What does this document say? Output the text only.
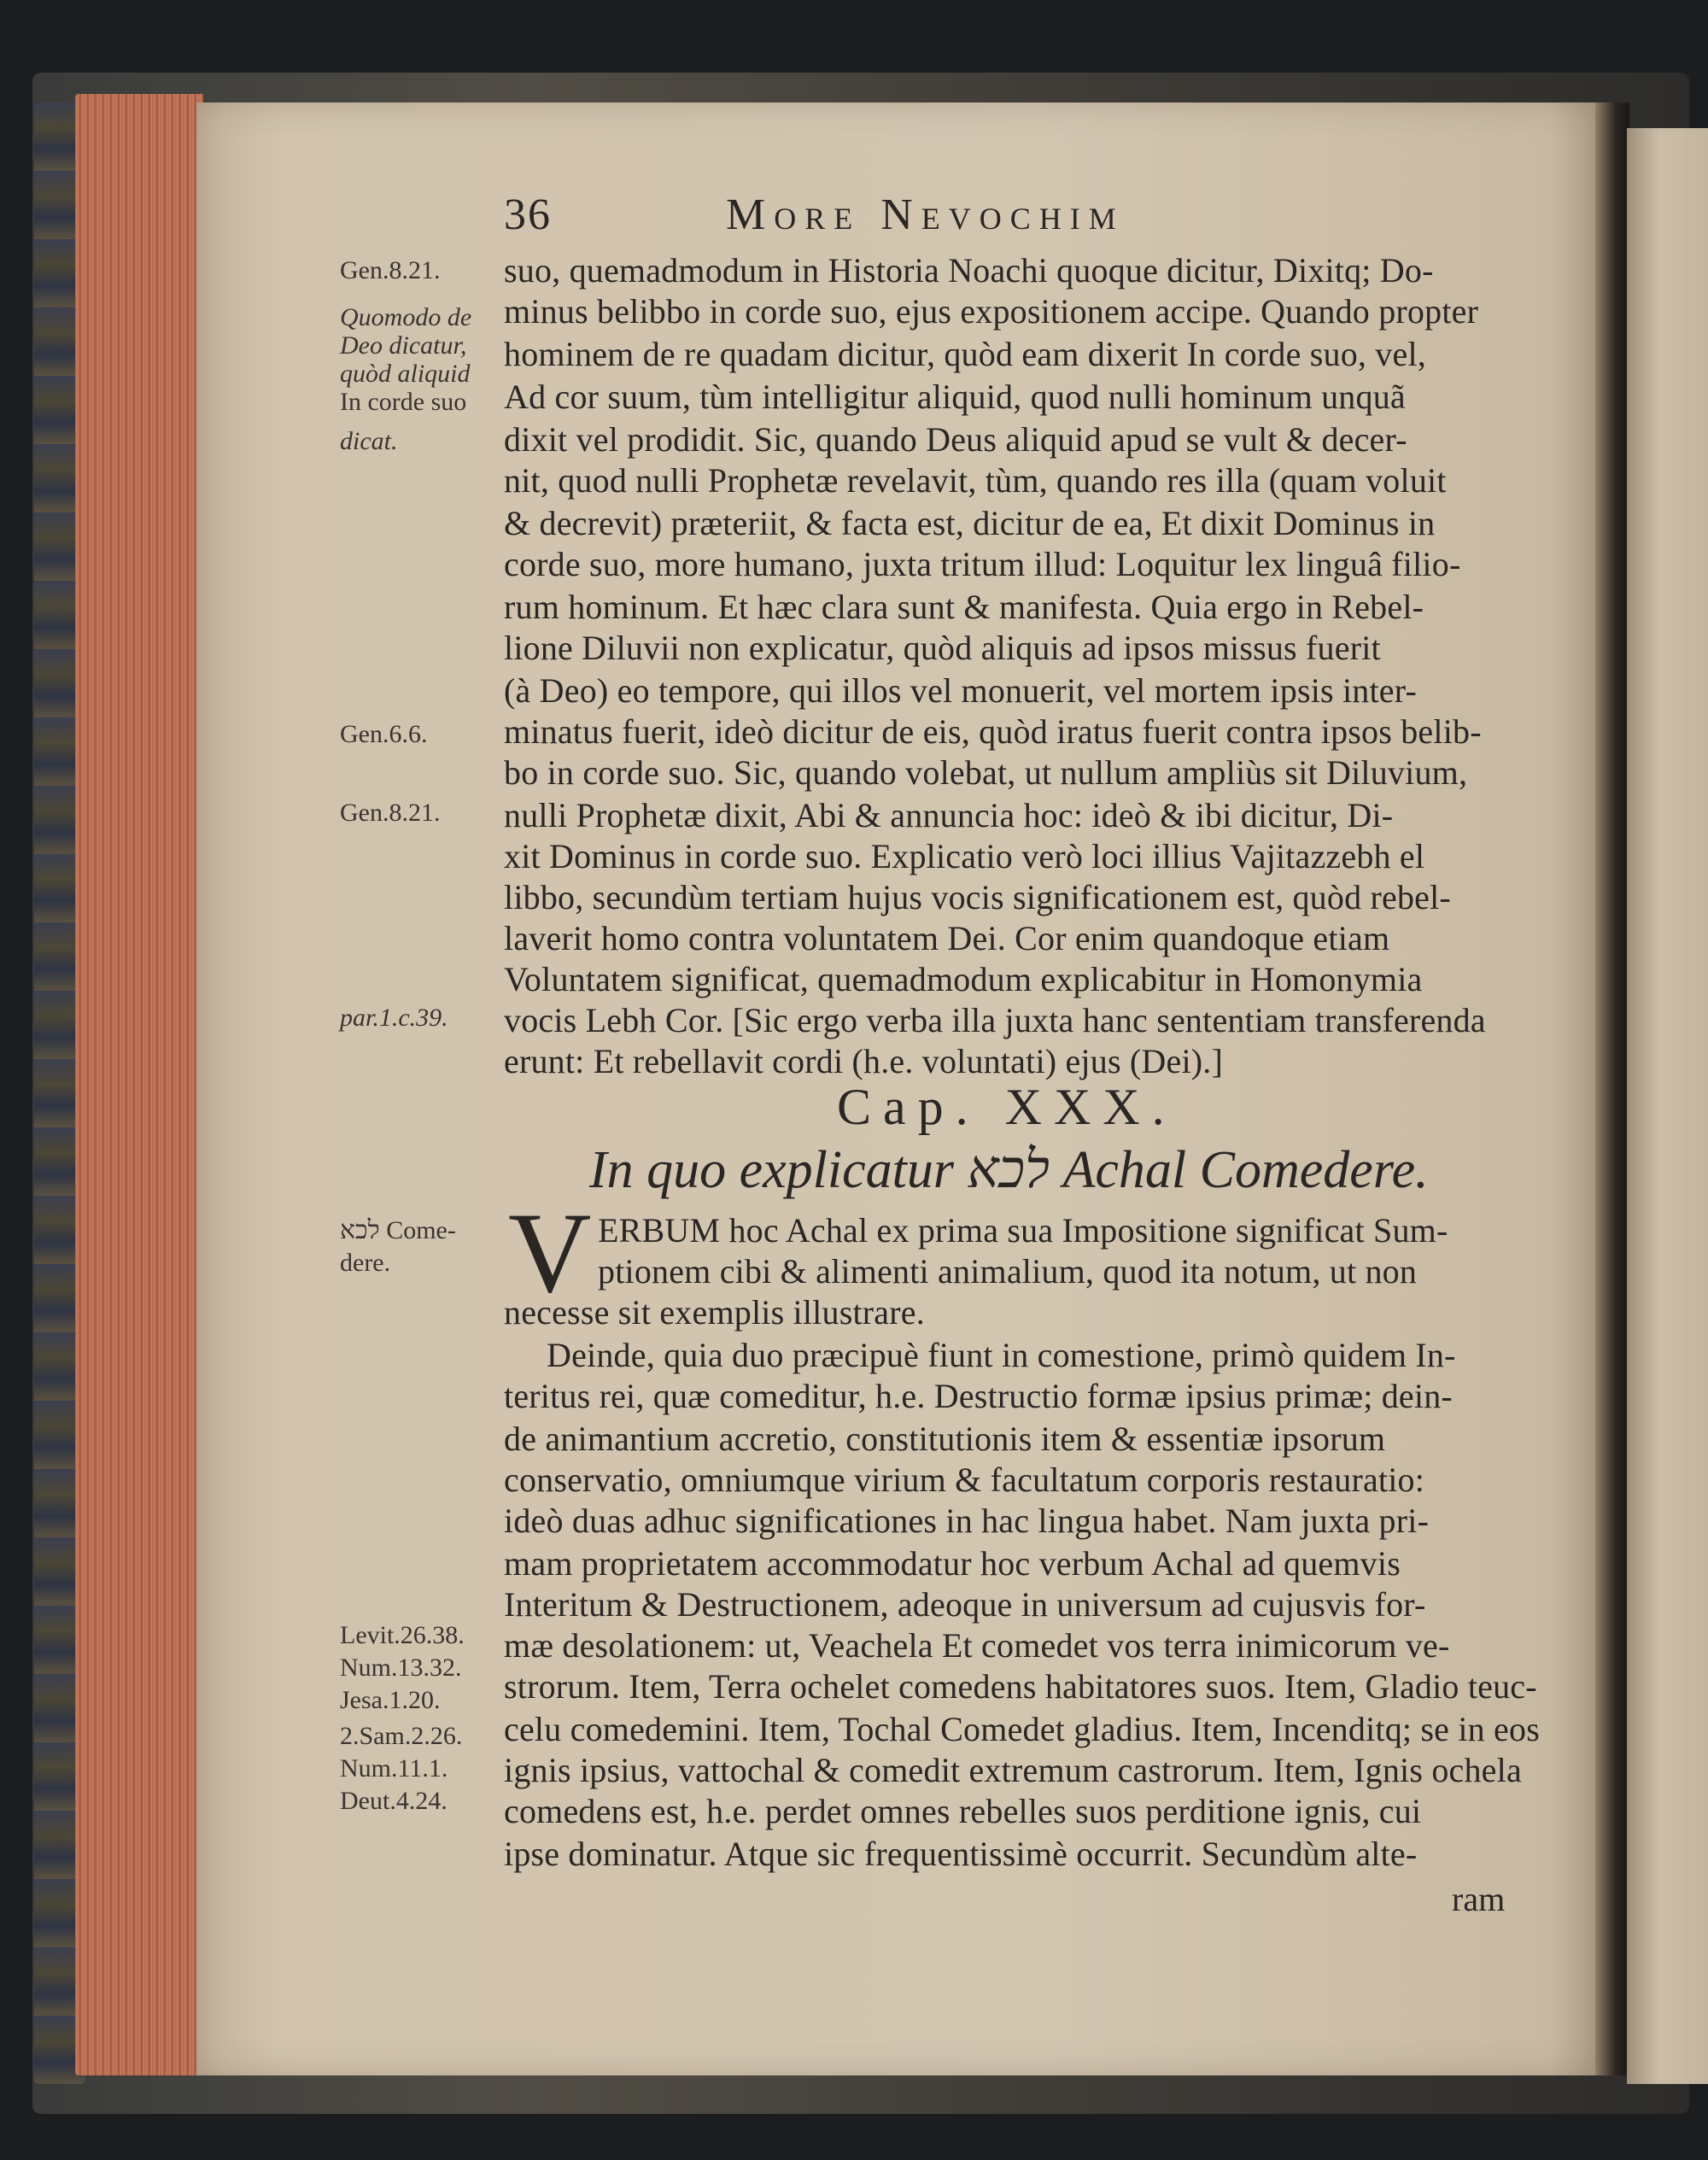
36	More Nevochim
Gen.8.21.
Quomodo de
Deo dicatur,
quòd aliquid
In corde suo
dicat.
Gen.6.6.
Gen.8.21.
par.1.c.39.
לכא Come-
dere.
Levit.26.38.
Num.13.32.
Jesa.1.20.
2.Sam.2.26.
Num.11.1.
Deut.4.24.
suo, quemadmodum in Historia Noachi quoque dicitur, Dixitq; Do-
minus belibbo in corde suo, ejus expositionem accipe. Quando propter
hominem de re quadam dicitur, quòd eam dixerit In corde suo, vel,
Ad cor suum, tùm intelligitur aliquid, quod nulli hominum unquã
dixit vel prodidit. Sic, quando Deus aliquid apud se vult & decer-
nit, quod nulli Prophetæ revelavit, tùm, quando res illa (quam voluit
& decrevit) præteriit, & facta est, dicitur de ea, Et dixit Dominus in
corde suo, more humano, juxta tritum illud: Loquitur lex linguâ filio-
rum hominum. Et hæc clara sunt & manifesta. Quia ergo in Rebel-
lione Diluvii non explicatur, quòd aliquis ad ipsos missus fuerit
(à Deo) eo tempore, qui illos vel monuerit, vel mortem ipsis inter-
minatus fuerit, ideò dicitur de eis, quòd iratus fuerit contra ipsos belib-
bo in corde suo. Sic, quando volebat, ut nullum ampliùs sit Diluvium,
nulli Prophetæ dixit, Abi & annuncia hoc: ideò & ibi dicitur, Di-
xit Dominus in corde suo. Explicatio verò loci illius Vajitazzebh el
libbo, secundùm tertiam hujus vocis significationem est, quòd rebel-
laverit homo contra voluntatem Dei. Cor enim quandoque etiam
Voluntatem significat, quemadmodum explicabitur in Homonymia
vocis Lebh Cor. [Sic ergo verba illa juxta hanc sententiam transferenda
erunt: Et rebellavit cordi (h.e. voluntati) ejus (Dei).]
Cap. XXX.
In quo explicatur לכא Achal Comedere.
V ERBUM hoc Achal ex prima sua Impositione significat Sum-
ptionem cibi & alimenti animalium, quod ita notum, ut non
necesse sit exemplis illustrare.
Deinde, quia duo præcipuè fiunt in comestione, primò quidem In-
teritus rei, quæ comeditur, h.e. Destructio formæ ipsius primæ; dein-
de animantium accretio, constitutionis item & essentiæ ipsorum
conservatio, omniumque virium & facultatum corporis restauratio:
ideò duas adhuc significationes in hac lingua habet. Nam juxta pri-
mam proprietatem accommodatur hoc verbum Achal ad quemvis
Interitum & Destructionem, adeoque in universum ad cujusvis for-
mæ desolationem: ut, Veachela Et comedet vos terra inimicorum ve-
strorum. Item, Terra ochelet comedens habitatores suos. Item, Gladio teuc-
celu comedemini. Item, Tochal Comedet gladius. Item, Incenditq; se in eos
ignis ipsius, vattochal & comedit extremum castrorum. Item, Ignis ochela
comedens est, h.e. perdet omnes rebelles suos perditione ignis, cui
ipse dominatur. Atque sic frequentissimè occurrit. Secundùm alte-
ram
